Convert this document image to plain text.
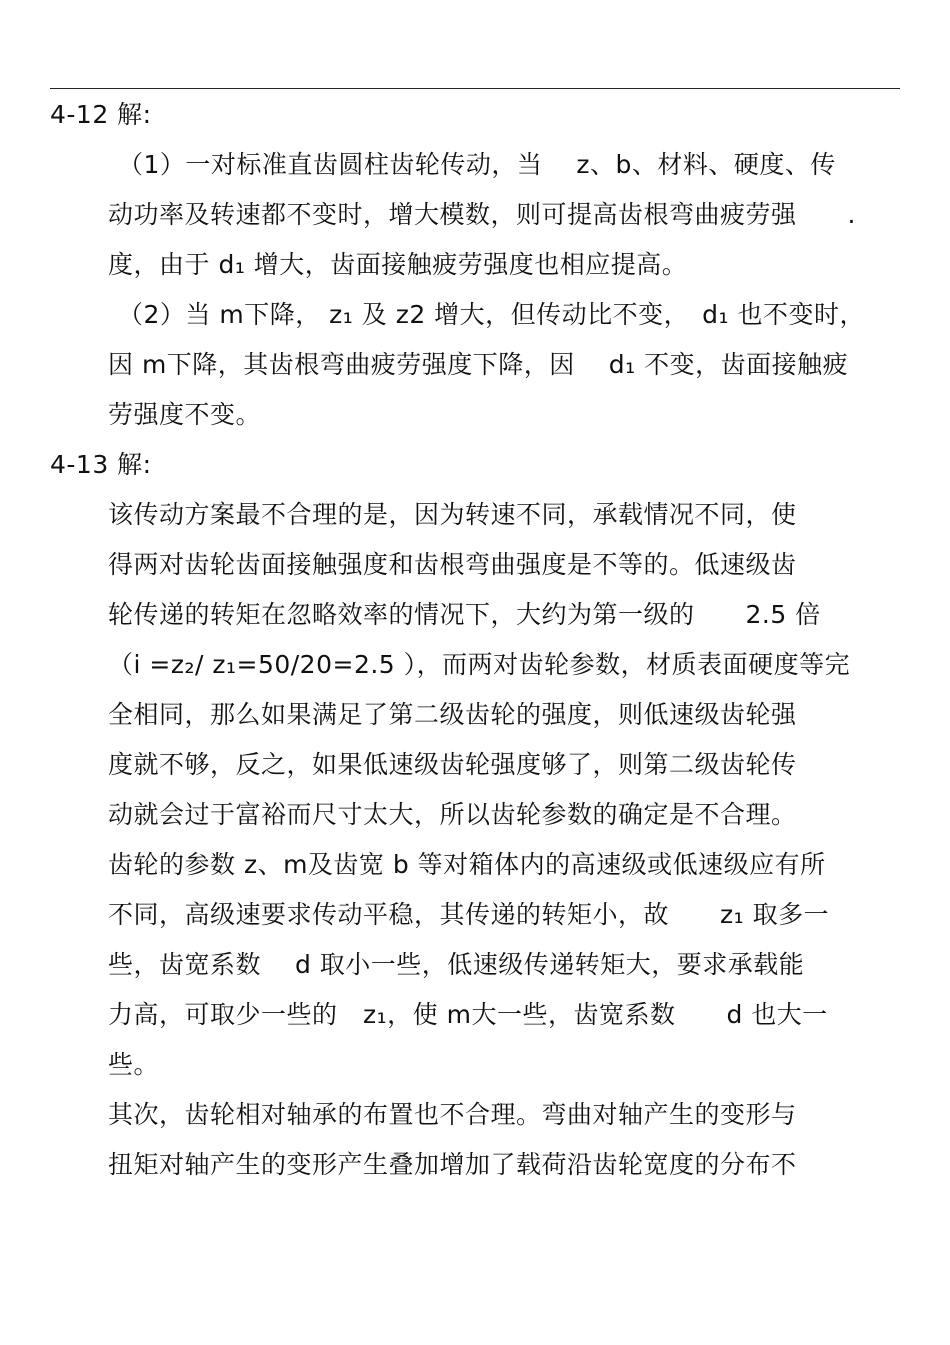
4-12 解:
（1）一对标准直齿圆柱齿轮传动，当　 z、b、材料、硬度、传
动功率及转速都不变时，增大模数，则可提高齿根弯曲疲劳强　　.
度，由于 d₁ 增大，齿面接触疲劳强度也相应提高。
（2）当 m下降， z₁ 及 z2 增大，但传动比不变，　d₁ 也不变时，
因 m下降，其齿根弯曲疲劳强度下降，因　 d₁ 不变，齿面接触疲
劳强度不变。
4-13 解:
该传动方案最不合理的是，因为转速不同，承载情况不同，使
得两对齿轮齿面接触强度和齿根弯曲强度是不等的。低速级齿
轮传递的转矩在忽略效率的情况下，大约为第一级的　　2.5 倍
（i =z₂/ z₁=50/20=2.5 ），而两对齿轮参数，材质表面硬度等完
全相同，那么如果满足了第二级齿轮的强度，则低速级齿轮强
度就不够，反之，如果低速级齿轮强度够了，则第二级齿轮传
动就会过于富裕而尺寸太大，所以齿轮参数的确定是不合理。
齿轮的参数 z、m及齿宽 b 等对箱体内的高速级或低速级应有所
不同，高级速要求传动平稳，其传递的转矩小，故　　z₁ 取多一
些，齿宽系数　 d 取小一些，低速级传递转矩大，要求承载能
力高，可取少一些的　z₁，使 m大一些，齿宽系数　　d 也大一
些。
其次，齿轮相对轴承的布置也不合理。弯曲对轴产生的变形与
扭矩对轴产生的变形产生叠加增加了载荷沿齿轮宽度的分布不
